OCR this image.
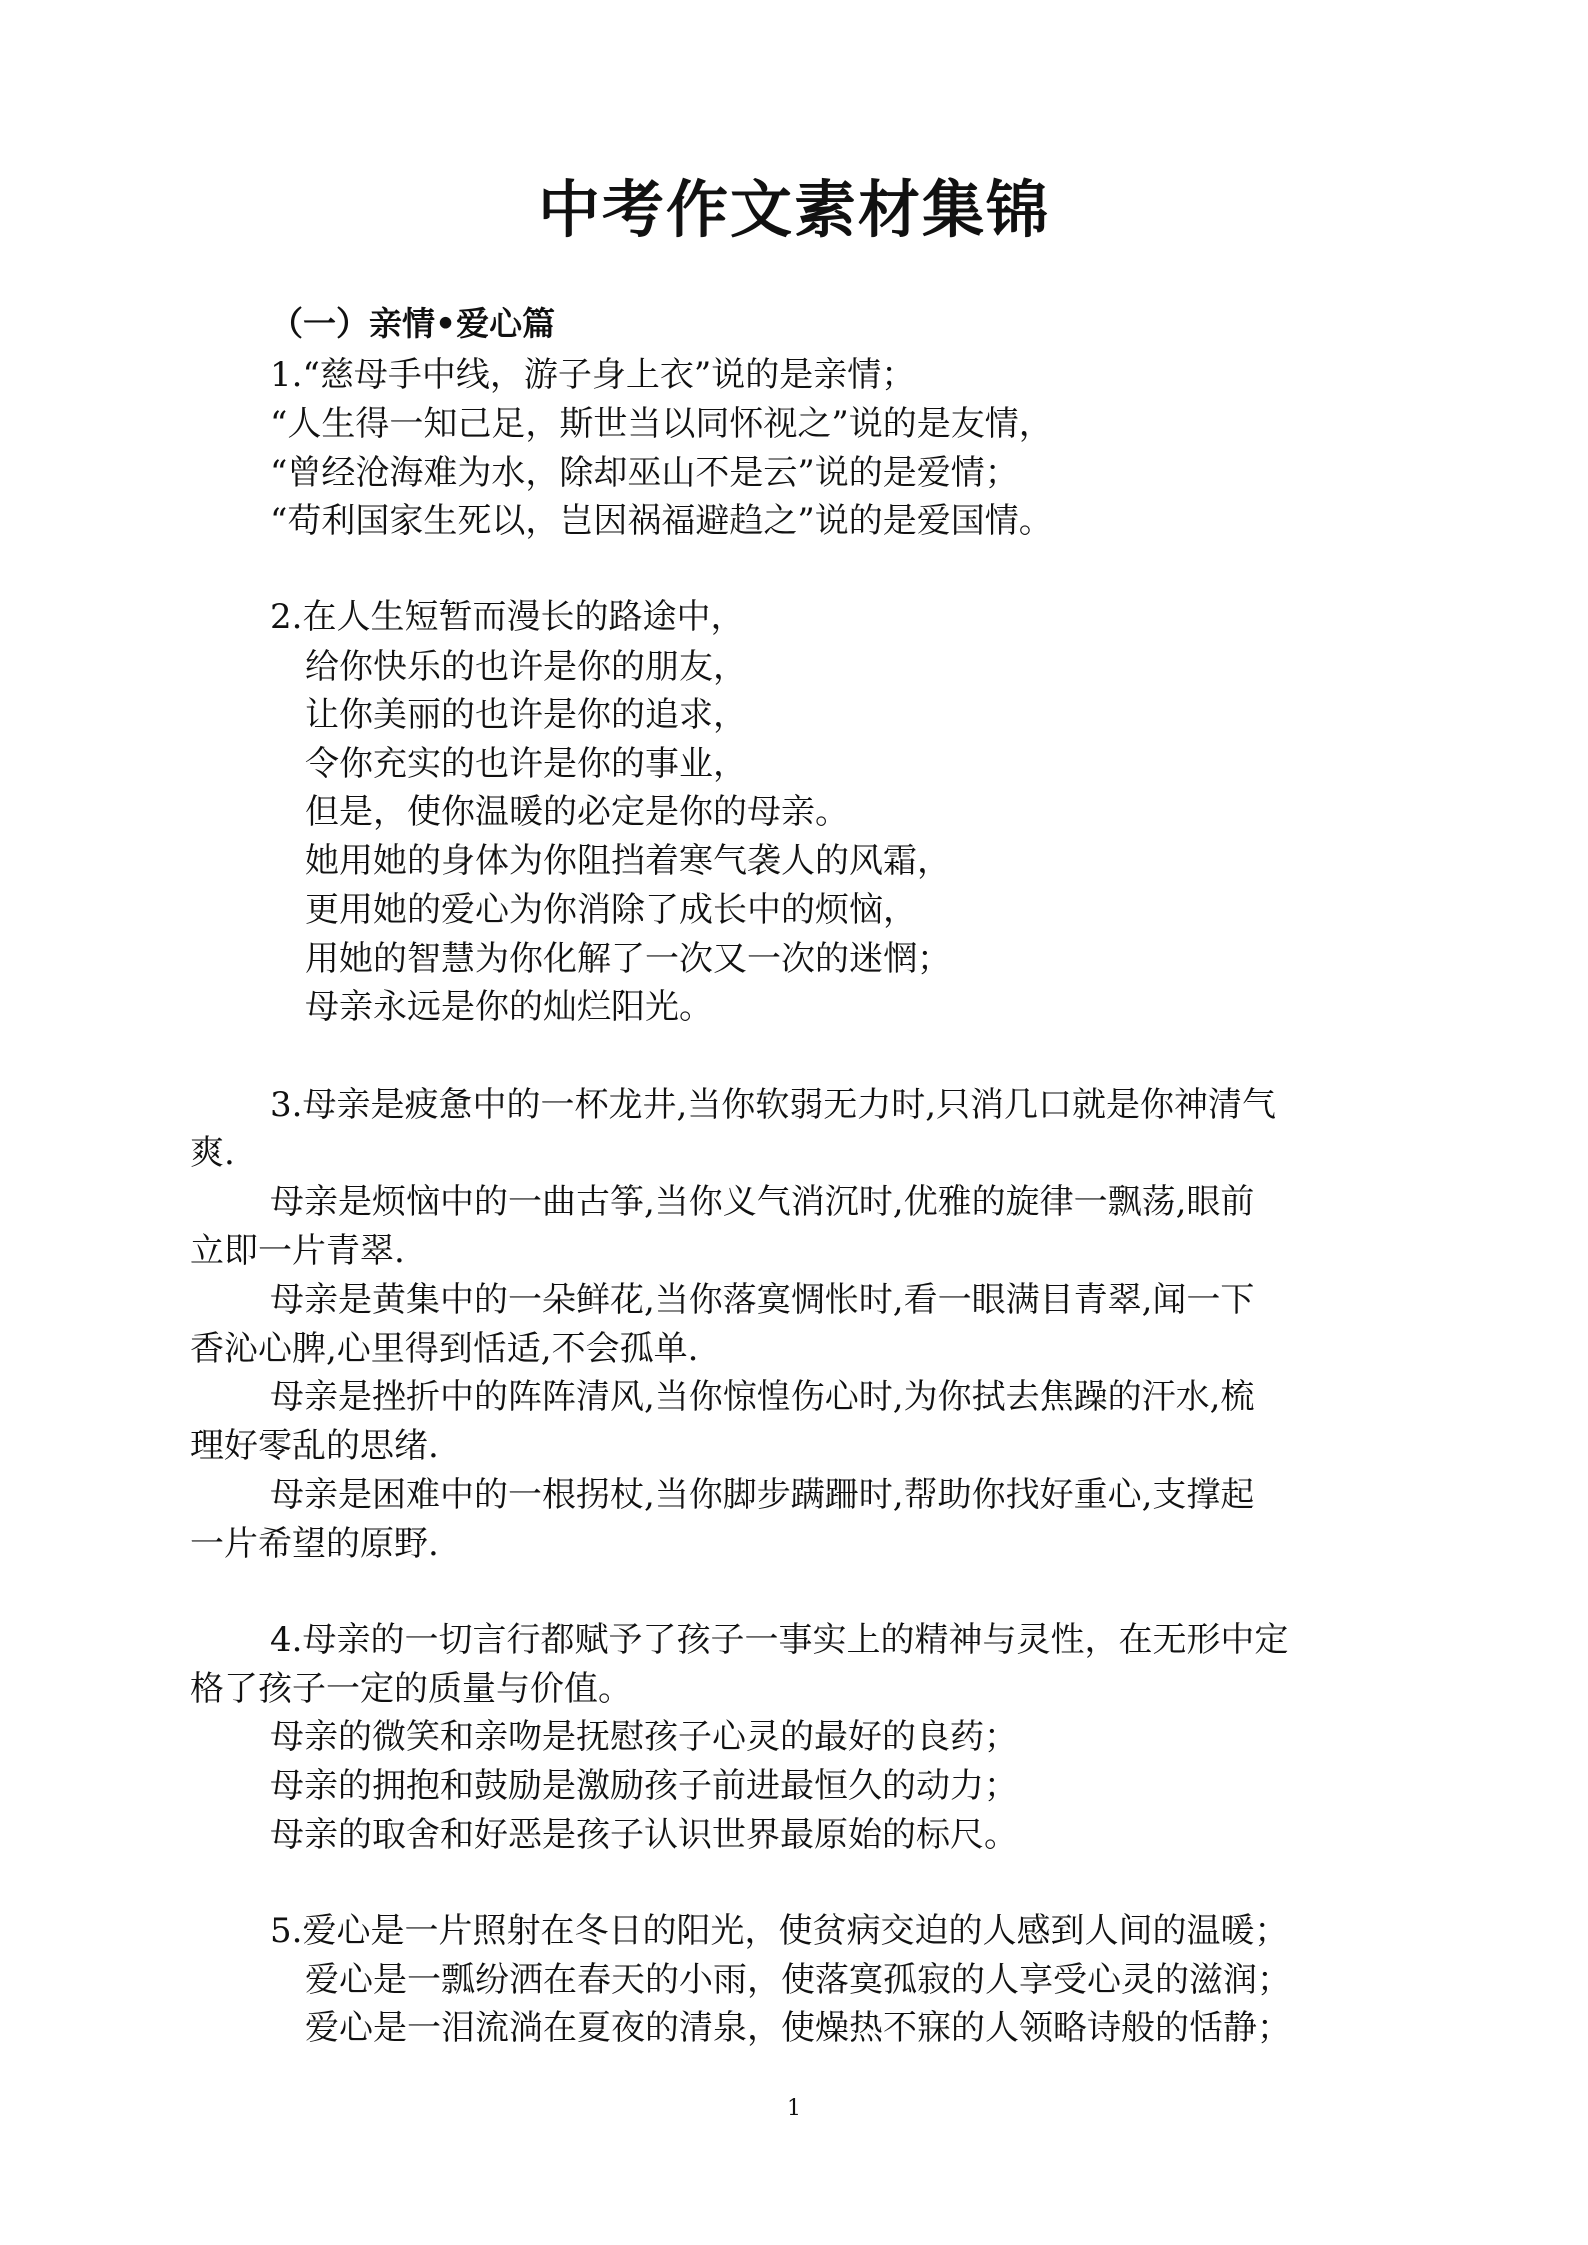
中考作文素材集锦
（一）亲情•爱心篇
1.“慈母手中线，游子身上衣”说的是亲情；
“人生得一知己足，斯世当以同怀视之”说的是友情，
“曾经沧海难为水，除却巫山不是云”说的是爱情；
“苟利国家生死以，岂因祸福避趋之”说的是爱国情。
2.在人生短暂而漫长的路途中，
给你快乐的也许是你的朋友，
让你美丽的也许是你的追求，
令你充实的也许是你的事业，
但是，使你温暖的必定是你的母亲。
她用她的身体为你阻挡着寒气袭人的风霜，
更用她的爱心为你消除了成长中的烦恼，
用她的智慧为你化解了一次又一次的迷惘；
母亲永远是你的灿烂阳光。
3.母亲是疲惫中的一杯龙井,当你软弱无力时,只消几口就是你神清气
爽.
母亲是烦恼中的一曲古筝,当你义气消沉时,优雅的旋律一飘荡,眼前
立即一片青翠.
母亲是黄集中的一朵鲜花,当你落寞惆怅时,看一眼满目青翠,闻一下
香沁心脾,心里得到恬适,不会孤单.
母亲是挫折中的阵阵清风,当你惊惶伤心时,为你拭去焦躁的汗水,梳
理好零乱的思绪.
母亲是困难中的一根拐杖,当你脚步蹒跚时,帮助你找好重心,支撑起
一片希望的原野.
4.母亲的一切言行都赋予了孩子一事实上的精神与灵性，在无形中定
格了孩子一定的质量与价值。
母亲的微笑和亲吻是抚慰孩子心灵的最好的良药；
母亲的拥抱和鼓励是激励孩子前进最恒久的动力；
母亲的取舍和好恶是孩子认识世界最原始的标尺。
5.爱心是一片照射在冬日的阳光，使贫病交迫的人感到人间的温暖；
爱心是一瓢纷洒在春天的小雨，使落寞孤寂的人享受心灵的滋润；
爱心是一泪流淌在夏夜的清泉，使燥热不寐的人领略诗般的恬静；
1
